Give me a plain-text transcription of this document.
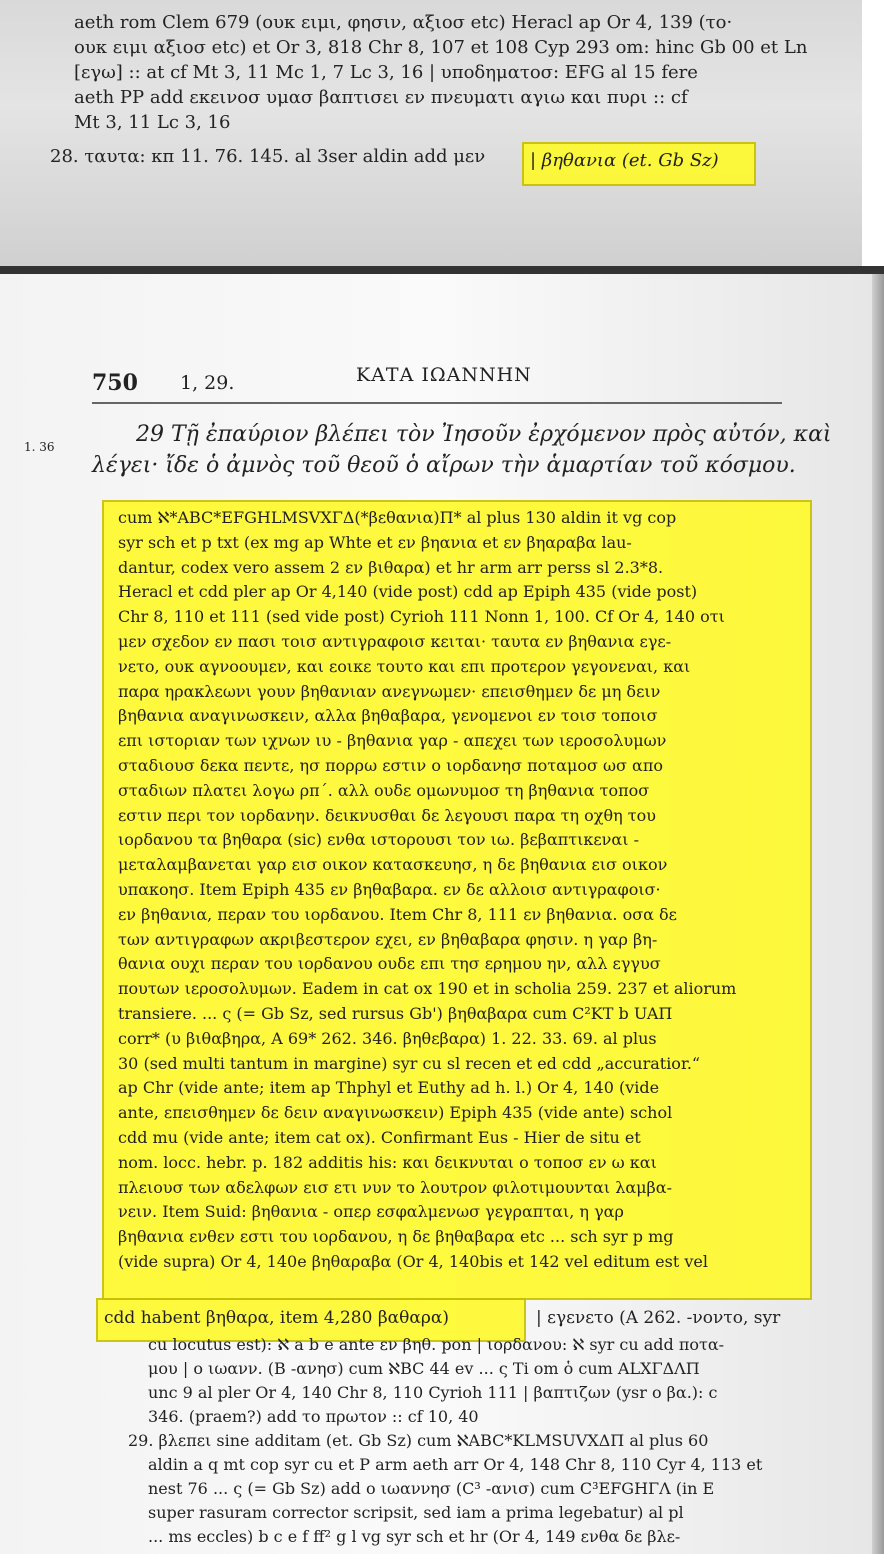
aeth rom Clem 679 (ουκ ειμι, φησιν, αξιοσ etc) Heracl ap Or 4, 139 (το·
ουκ ειμι αξιοσ etc) et Or 3, 818 Chr 8, 107 et 108 Cyp 293 om: hinc Gb 00 et Ln
[εγω] :: at cf Mt 3, 11 Mc 1, 7 Lc 3, 16 | υποδηματοσ: EFG al 15 fere
aeth PP add εκεινοσ υμασ βαπτισει εν πνευματι αγιω και πυρι :: cf
Mt 3, 11 Lc 3, 16
28. ταυτα: κп 11. 76. 145. al 3ser aldin add μεν | βηθανια (et. Gb Sz)
750 1, 29.	ΚΑΤΑ ΙΩΑΝΝΗΝ
1. 36	29 Τῇ ἐπαύριον βλέπει τὸν Ἰησοῦν ἐρχόμενον πρὸς αὐτόν, καὶ
λέγει· ἴδε ὁ ἀμνὸς τοῦ θεοῦ ὁ αἴρων τὴν ἁμαρτίαν τοῦ κόσμου.
cum ℵ*ABC*EFGHLMSVXΓΔ(*βεθανια)Π* al plus 130 aldin it vg cop
syr sch et p txt (ex mg ap Whte et εν βηανια et εν βηαραβα lau-
dantur, codex vero assem 2 εν βιθαρα) et hr arm arr perss sl 2.3*8.
Heracl et cdd pler ap Or 4,140 (vide post) cdd ap Epiph 435 (vide post)
Chr 8, 110 et 111 (sed vide post) Cyrioh 111 Nonn 1, 100. Cf Or 4, 140 οτι
μεν σχεδον εν πασι τοισ αντιγραφοισ κειται· ταυτα εν βηθανια εγε-
νετο, ουκ αγνοουμεν, και εοικε τουτο και επι προτερον γεγονεναι, και
παρα ηρακλεωνι γουν βηθανιαν ανεγνωμεν· επεισθημεν δε μη δειν
βηθανια αναγινωσκειν, αλλα βηθαβαρα, γενομενοι εν τοισ τοποισ
επι ιστοριαν των ιχνων ιυ - βηθανια γαρ - απεχει των ιεροσολυμων
σταδιουσ δεκα πεντε, ησ πορρω εστιν ο ιορδανησ ποταμοσ ωσ απο
σταδιων πλατει λογω ρπ΄. αλλ ουδε ομωνυμοσ τη βηθανια τοποσ
εστιν περι τον ιορδανην. δεικνυσθαι δε λεγουσι παρα τη οχθη του
ιορδανου τα βηθαρα (sic) ενθα ιστορουσι τον ιω. βεβαπτικεναι -
μεταλαμβανεται γαρ εισ οικον κατασκευησ, η δε βηθανια εισ οικον
υπακοησ. Item Epiph 435 εν βηθαβαρα. εν δε αλλοισ αντιγραφοισ·
εν βηθανια, περαν του ιορδανου. Item Chr 8, 111 εν βηθανια. οσα δε
των αντιγραφων ακριβεστερον εχει, εν βηθαβαρα φησιν. η γαρ βη-
θανια ουχι περαν του ιορδανου ουδε επι τησ ερημου ην, αλλ εγγυσ
πουτων ιεροσολυμων. Eadem in cat ox 190 et in scholia 259. 237 et aliorum
transiere. ... ς (= Gb Sz, sed rursus Gb') βηθαβαρα cum C²KT b UAΠ
corr* (υ βιθαβηρα, A 69* 262. 346. βηθεβαρα) 1. 22. 33. 69. al plus
30 (sed multi tantum in margine) syr cu sl recen et ed cdd „accuratior.“
ap Chr (vide ante; item ap Thphyl et Euthy ad h. l.) Or 4, 140 (vide
ante, επεισθημεν δε δειν αναγινωσκειν) Epiph 435 (vide ante) schol
cdd mu (vide ante; item cat ox). Confirmant Eus - Hier de situ et
nom. locc. hebr. p. 182 additis his: και δεικνυται ο τοποσ εν ω και
πλειουσ των αδελφων εισ ετι νυν το λουτρον φιλοτιμουνται λαμβα-
νειν. Item Suid: βηθανια - οπερ εσφαλμενωσ γεγραπται, η γαρ
βηθανια ενθεν εστι του ιορδανου, η δε βηθαβαρα etc ... sch syr p mg
(vide supra) Or 4, 140e βηθαραβα (Or 4, 140bis et 142 vel editum est vel
cdd habent βηθαρα, item 4,280 βαθαρα)	| εγενετο (A 262. -νοντο, syr
cu locutus est): ℵ a b e ante εν βηθ. pon | ιορδανου: ℵ syr cu add ποτα-
μου | ο ιωανν. (B -ανησ) cum ℵBC 44 ev ... ς Ti om ὁ cum ALXΓΔΛΠ
unc 9 al pler Or 4, 140 Chr 8, 110 Cyrioh 111 | βαπτιζων (ysr o βα.): c
346. (praem?) add το πρωτον :: cf 10, 40
29. βλεπει sine additam (et. Gb Sz) cum ℵABC*KLMSUVXΔΠ al plus 60
aldin a q mt cop syr cu et P arm aeth arr Or 4, 148 Chr 8, 110 Cyr 4, 113 et
nest 76 ... ς (= Gb Sz) add ο ιωαννησ (C³ -ανισ) cum C³EFGHΓΛ (in E
super rasuram corrector scripsit, sed iam a prima legebatur) al pl
... ms eccles) b c e f ff² g l vg syr sch et hr (Or 4, 149 ενθα δε βλε-
